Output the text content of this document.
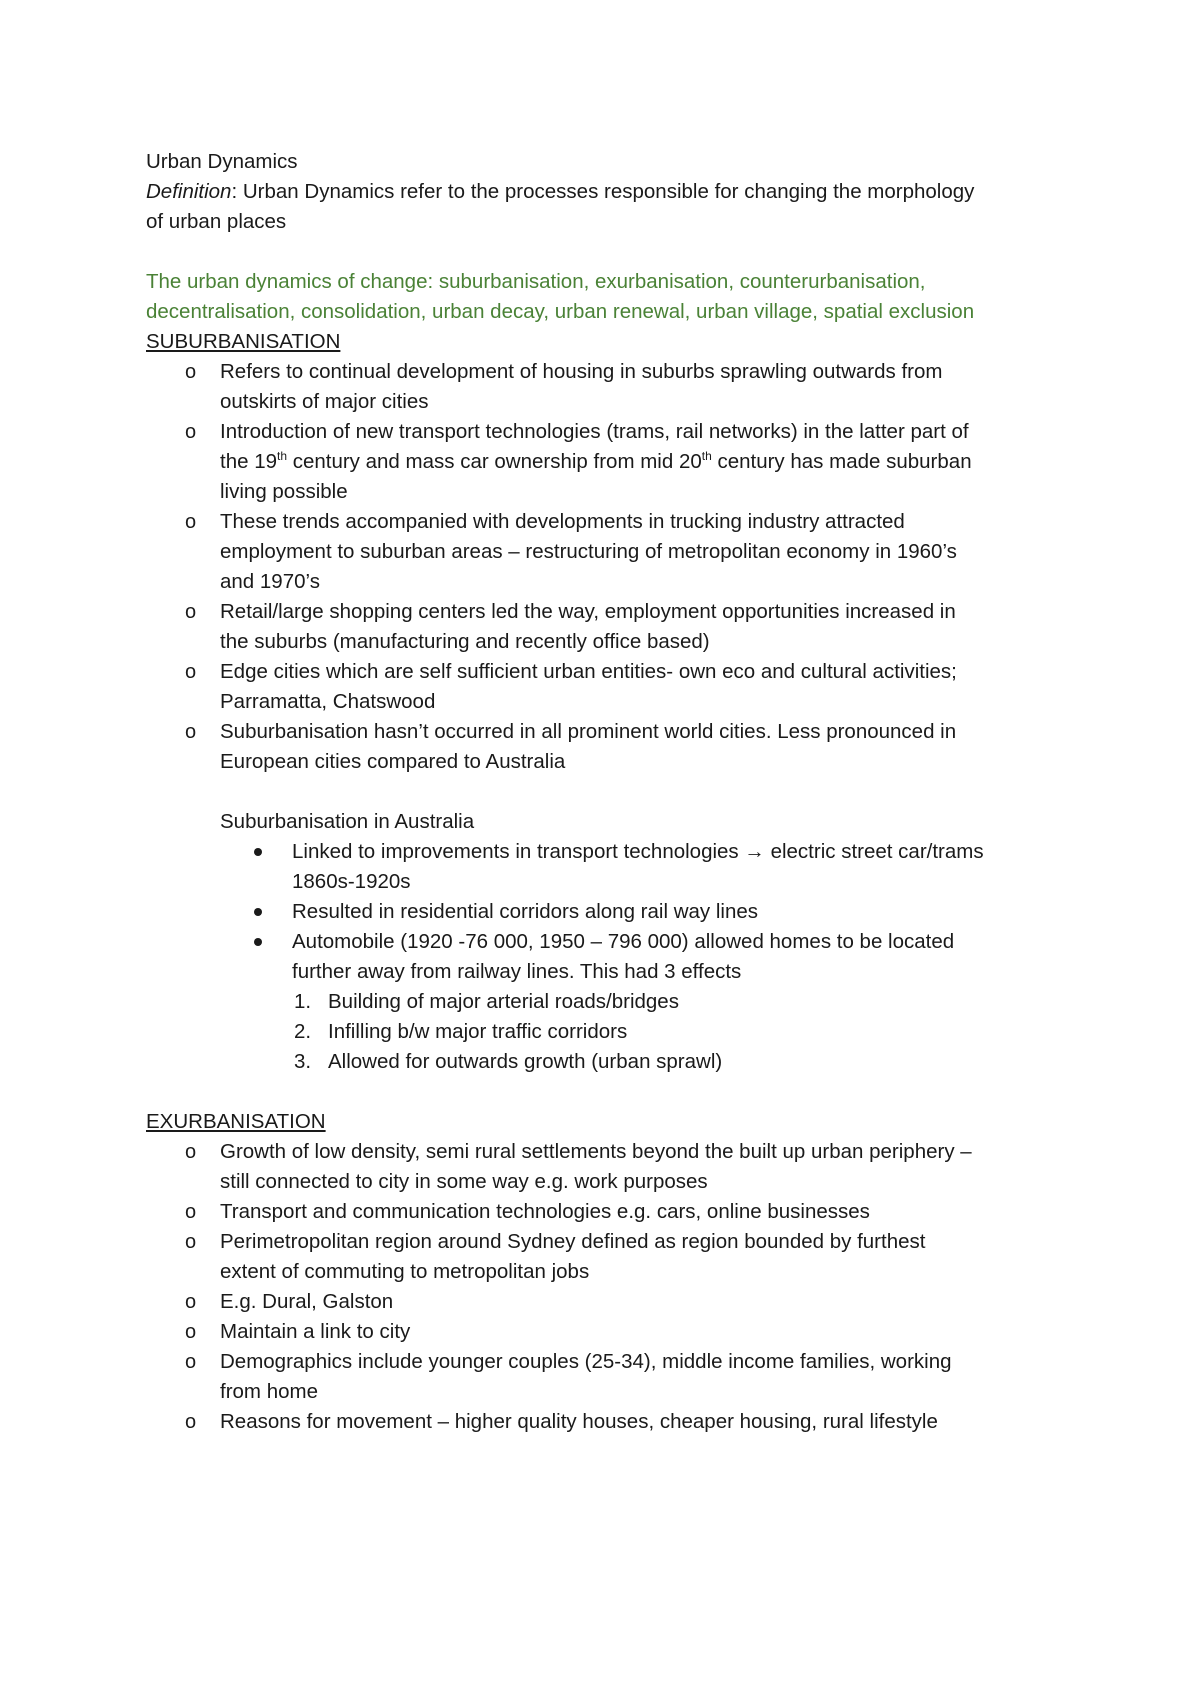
Urban Dynamics
Definition: Urban Dynamics refer to the processes responsible for changing the morphology
of urban places
The urban dynamics of change: suburbanisation, exurbanisation, counterurbanisation,
decentralisation, consolidation, urban decay, urban renewal, urban village, spatial exclusion
SUBURBANISATION
o Refers to continual development of housing in suburbs sprawling outwards from
outskirts of major cities
o Introduction of new transport technologies (trams, rail networks) in the latter part of
the 19th century and mass car ownership from mid 20th century has made suburban
living possible
o These trends accompanied with developments in trucking industry attracted
employment to suburban areas – restructuring of metropolitan economy in 1960’s
and 1970’s
o Retail/large shopping centers led the way, employment opportunities increased in
the suburbs (manufacturing and recently office based)
o Edge cities which are self sufficient urban entities- own eco and cultural activities;
Parramatta, Chatswood
o Suburbanisation hasn’t occurred in all prominent world cities. Less pronounced in
European cities compared to Australia
Suburbanisation in Australia
Linked to improvements in transport technologies → electric street car/trams
1860s-1920s
Resulted in residential corridors along rail way lines
Automobile (1920 -76 000, 1950 – 796 000) allowed homes to be located
further away from railway lines. This had 3 effects
1. Building of major arterial roads/bridges
2. Infilling b/w major traffic corridors
3. Allowed for outwards growth (urban sprawl)
EXURBANISATION
o Growth of low density, semi rural settlements beyond the built up urban periphery –
still connected to city in some way e.g. work purposes
o Transport and communication technologies e.g. cars, online businesses
o Perimetropolitan region around Sydney defined as region bounded by furthest
extent of commuting to metropolitan jobs
o E.g. Dural, Galston
o Maintain a link to city
o Demographics include younger couples (25-34), middle income families, working
from home
o Reasons for movement – higher quality houses, cheaper housing, rural lifestyle
